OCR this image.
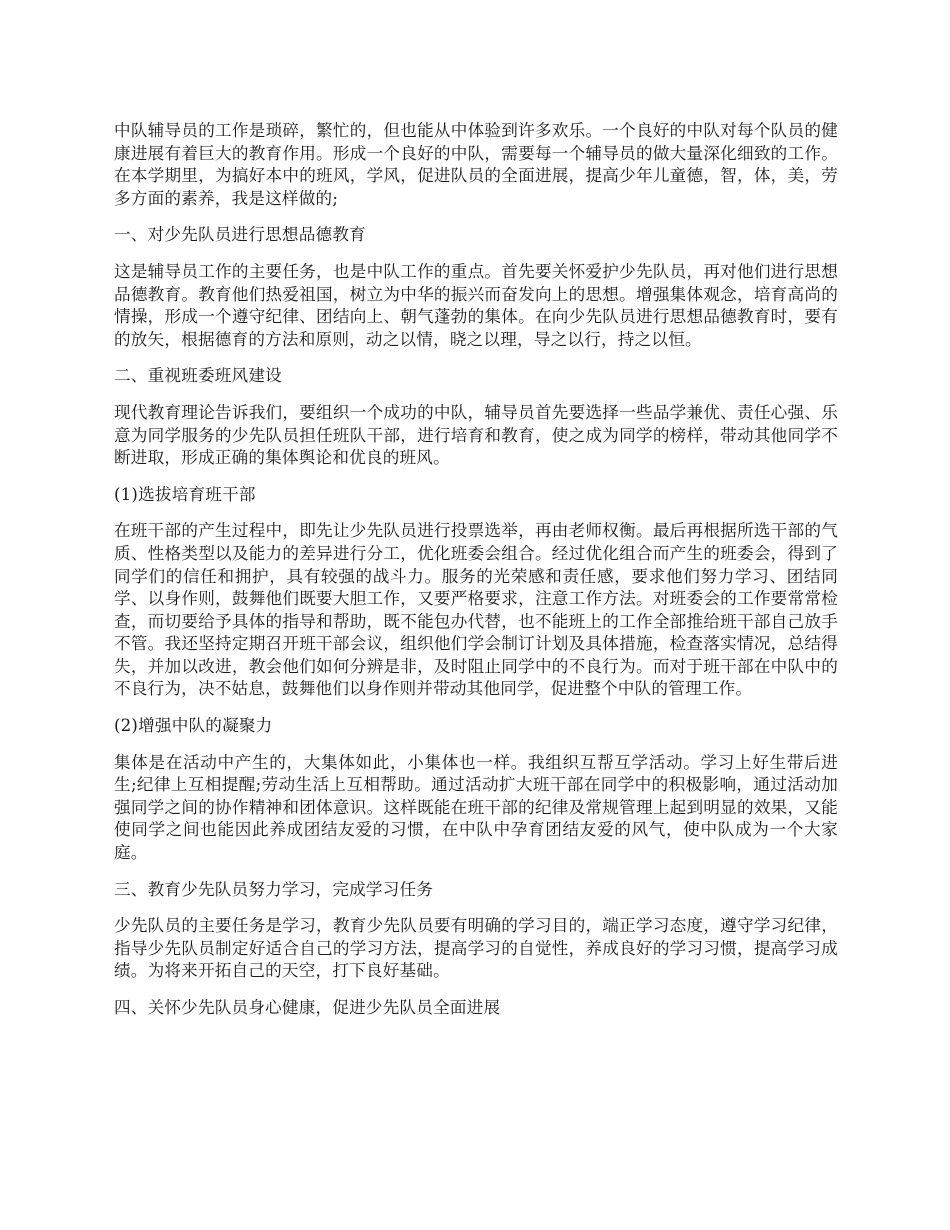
中队辅导员的工作是琐碎，繁忙的，但也能从中体验到许多欢乐。一个良好的中队对每个队员的健康进展有着巨大的教育作用。形成一个良好的中队，需要每一个辅导员的做大量深化细致的工作。在本学期里，为搞好本中的班风，学风，促进队员的全面进展，提高少年儿童德，智，体，美，劳多方面的素养，我是这样做的;

一、对少先队员进行思想品德教育

这是辅导员工作的主要任务，也是中队工作的重点。首先要关怀爱护少先队员，再对他们进行思想品德教育。教育他们热爱祖国，树立为中华的振兴而奋发向上的思想。增强集体观念，培育高尚的情操，形成一个遵守纪律、团结向上、朝气蓬勃的集体。在向少先队员进行思想品德教育时，要有的放矢，根据德育的方法和原则，动之以情，晓之以理，导之以行，持之以恒。

二、重视班委班风建设

现代教育理论告诉我们，要组织一个成功的中队，辅导员首先要选择一些品学兼优、责任心强、乐意为同学服务的少先队员担任班队干部，进行培育和教育，使之成为同学的榜样，带动其他同学不断进取，形成正确的集体舆论和优良的班风。

(1)选拔培育班干部

在班干部的产生过程中，即先让少先队员进行投票选举，再由老师权衡。最后再根据所选干部的气质、性格类型以及能力的差异进行分工，优化班委会组合。经过优化组合而产生的班委会，得到了同学们的信任和拥护，具有较强的战斗力。服务的光荣感和责任感，要求他们努力学习、团结同学、以身作则，鼓舞他们既要大胆工作，又要严格要求，注意工作方法。对班委会的工作要常常检查，而切要给予具体的指导和帮助，既不能包办代替，也不能班上的工作全部推给班干部自己放手不管。我还坚持定期召开班干部会议，组织他们学会制订计划及具体措施，检查落实情况，总结得失，并加以改进，教会他们如何分辨是非，及时阻止同学中的不良行为。而对于班干部在中队中的不良行为，决不姑息，鼓舞他们以身作则并带动其他同学，促进整个中队的管理工作。

(2)增强中队的凝聚力

集体是在活动中产生的，大集体如此，小集体也一样。我组织互帮互学活动。学习上好生带后进生;纪律上互相提醒;劳动生活上互相帮助。通过活动扩大班干部在同学中的积极影响，通过活动加强同学之间的协作精神和团体意识。这样既能在班干部的纪律及常规管理上起到明显的效果，又能使同学之间也能因此养成团结友爱的习惯，在中队中孕育团结友爱的风气，使中队成为一个大家庭。

三、教育少先队员努力学习，完成学习任务

少先队员的主要任务是学习，教育少先队员要有明确的学习目的，端正学习态度，遵守学习纪律，指导少先队员制定好适合自己的学习方法，提高学习的自觉性，养成良好的学习习惯，提高学习成绩。为将来开拓自己的天空，打下良好基础。

四、关怀少先队员身心健康，促进少先队员全面进展
